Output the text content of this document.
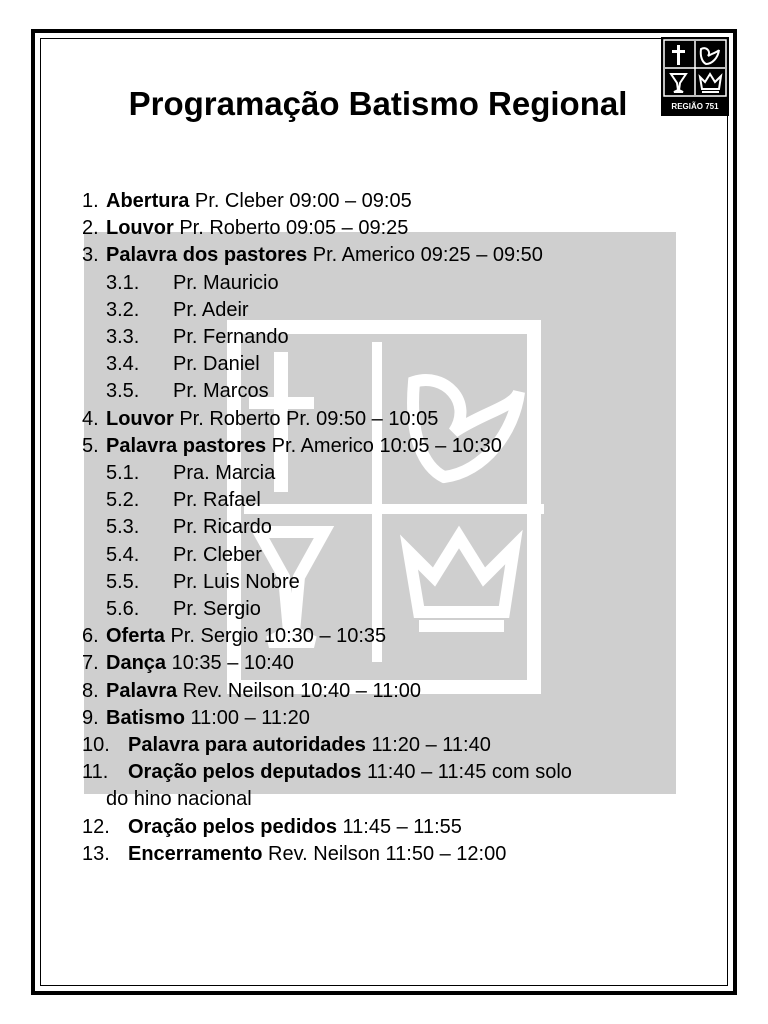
REGIÃO 751
Programação Batismo Regional
1. Abertura Pr. Cleber 09:00 – 09:05
2. Louvor Pr. Roberto 09:05 – 09:25
3. Palavra dos pastores Pr. Americo 09:25 – 09:50
3.1. Pr. Mauricio
3.2. Pr. Adeir
3.3. Pr. Fernando
3.4. Pr. Daniel
3.5. Pr. Marcos
4. Louvor Pr. Roberto Pr. 09:50 – 10:05
5. Palavra pastores Pr. Americo 10:05 – 10:30
5.1. Pra. Marcia
5.2. Pr. Rafael
5.3. Pr. Ricardo
5.4. Pr. Cleber
5.5. Pr. Luis Nobre
5.6. Pr. Sergio
6. Oferta Pr. Sergio 10:30 – 10:35
7. Dança 10:35 – 10:40
8. Palavra Rev. Neilson 10:40 – 11:00
9. Batismo 11:00 – 11:20
10. Palavra para autoridades 11:20 – 11:40
11. Oração pelos deputados 11:40 – 11:45 com solo
do hino nacional
12. Oração pelos pedidos 11:45 – 11:55
13. Encerramento Rev. Neilson 11:50 – 12:00
